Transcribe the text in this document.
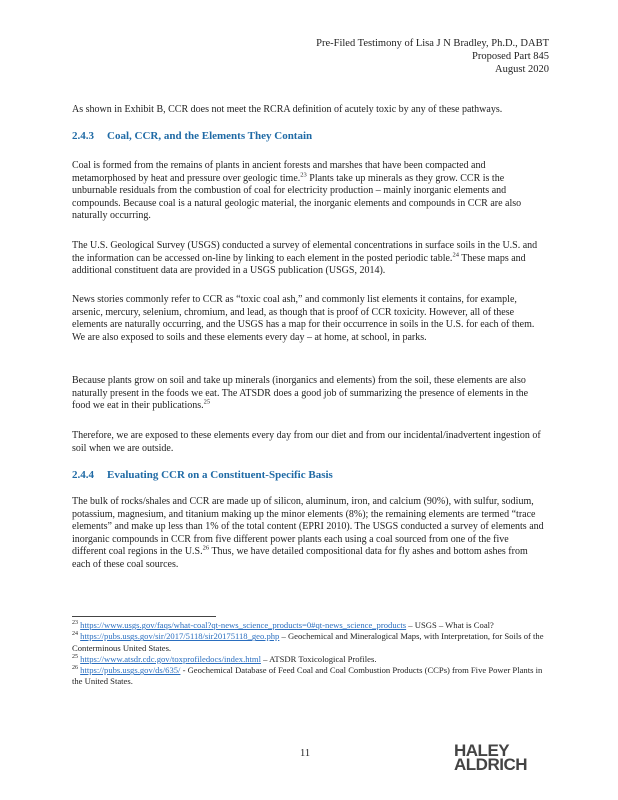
Pre-Filed Testimony of Lisa J N Bradley, Ph.D., DABT
Proposed Part 845
August 2020

As shown in Exhibit B, CCR does not meet the RCRA definition of acutely toxic by any of these pathways.

2.4.3 Coal, CCR, and the Elements They Contain

Coal is formed from the remains of plants in ancient forests and marshes that have been compacted and metamorphosed by heat and pressure over geologic time.$^{23}$ Plants take up minerals as they grow. CCR is the unburnable residuals from the combustion of coal for electricity production – mainly inorganic elements and compounds. Because coal is a natural geologic material, the inorganic elements and compounds in CCR are also naturally occurring.

The U.S. Geological Survey (USGS) conducted a survey of elemental concentrations in surface soils in the U.S. and the information can be accessed on-line by linking to each element in the posted periodic table.$^{24}$ These maps and additional constituent data are provided in a USGS publication (USGS, 2014).

News stories commonly refer to CCR as “toxic coal ash,” and commonly list elements it contains, for example, arsenic, mercury, selenium, chromium, and lead, as though that is proof of CCR toxicity. However, all of these elements are naturally occurring, and the USGS has a map for their occurrence in soils in the U.S. for each of them. We are also exposed to soils and these elements every day – at home, at school, in parks.

Because plants grow on soil and take up minerals (inorganics and elements) from the soil, these elements are also naturally present in the foods we eat. The ATSDR does a good job of summarizing the presence of elements in the food we eat in their publications.$^{25}$

Therefore, we are exposed to these elements every day from our diet and from our incidental/inadvertent ingestion of soil when we are outside.

2.4.4 Evaluating CCR on a Constituent-Specific Basis

The bulk of rocks/shales and CCR are made up of silicon, aluminum, iron, and calcium (90%), with sulfur, sodium, potassium, magnesium, and titanium making up the minor elements (8%); the remaining elements are termed “trace elements” and make up less than 1% of the total content (EPRI 2010). The USGS conducted a survey of elements and inorganic compounds in CCR from five different power plants each using a coal sourced from one of the five different coal regions in the U.S.$^{26}$ Thus, we have detailed compositional data for fly ashes and bottom ashes from each of these coal sources.

$^{23}$ https://www.usgs.gov/faqs/what-coal?qt-news_science_products=0#qt-news_science_products – USGS – What is Coal?

$^{24}$ https://pubs.usgs.gov/sir/2017/5118/sir20175118_geo.php – Geochemical and Mineralogical Maps, with Interpretation, for Soils of the Conterminous United States.

$^{25}$ https://www.atsdr.cdc.gov/toxprofiledocs/index.html – ATSDR Toxicological Profiles.

$^{26}$ https://pubs.usgs.gov/ds/635/ - Geochemical Database of Feed Coal and Coal Combustion Products (CCPs) from Five Power Plants in the United States.

11	HALEY
ALDRICH
